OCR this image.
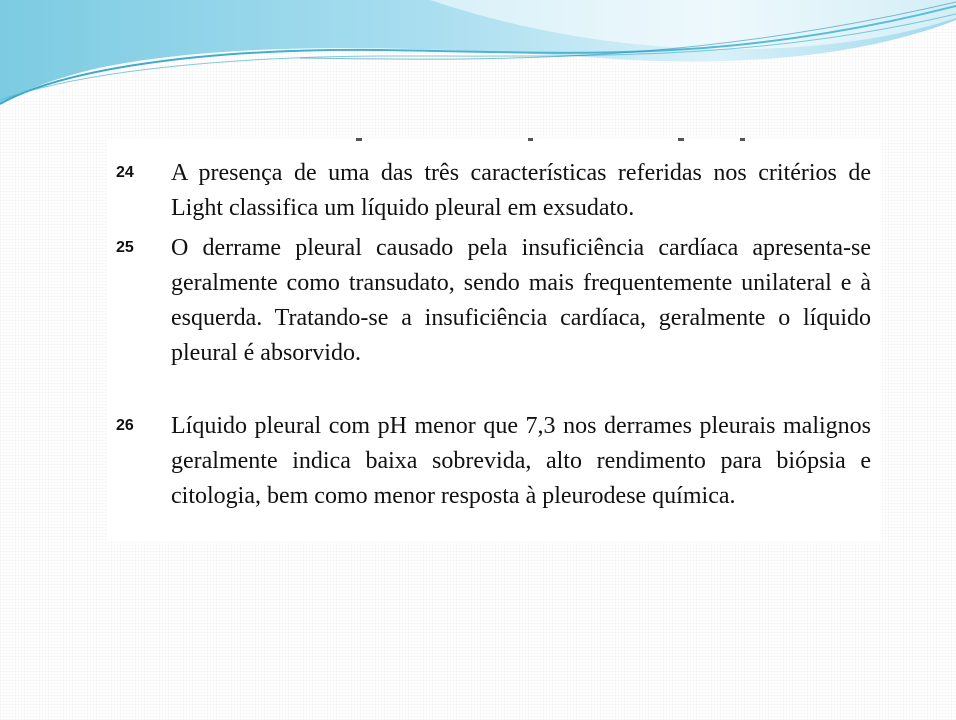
24 A presença de uma das três características referidas nos critérios de Light classifica um líquido pleural em exsudato.

25 O derrame pleural causado pela insuficiência cardíaca apresenta-se geralmente como transudato, sendo mais frequentemente unilateral e à esquerda. Tratando-se a insuficiência cardíaca, geralmente o líquido pleural é absorvido.

26 Líquido pleural com pH menor que 7,3 nos derrames pleurais malignos geralmente indica baixa sobrevida, alto rendimento para biópsia e citologia, bem como menor resposta à pleurodese química.
